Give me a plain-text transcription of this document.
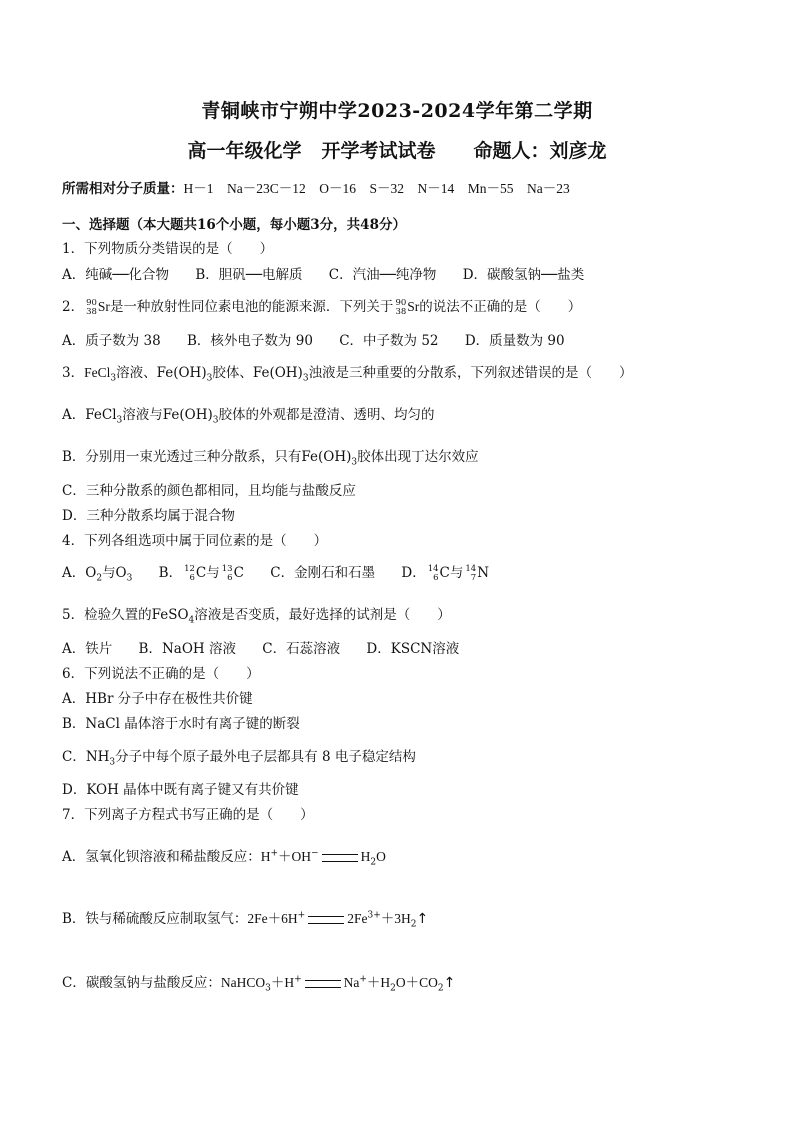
青铜峡市宁朔中学2023-2024学年第二学期
高一年级化学 开学考试试卷 命题人：刘彦龙
所需相对分子质量：H－1　Na－23C－12　O－16　S－32　N－14　Mn－55　Na－23
一、选择题（本大题共16个小题，每小题3分，共48分）
1．下列物质分类错误的是（　　）
A．纯碱──化合物 B．胆矾──电解质 C．汽油──纯净物 D．碳酸氢钠──盐类
2． 90
38 Sr是一种放射性同位素电池的能源来源．下列关于 90
38 Sr的说法不正确的是（　　）
A．质子数为 38 B．核外电子数为 90 C．中子数为 52 D．质量数为 90
3．FeCl$_3$溶液、$Fe(OH)_3$胶体、$Fe(OH)_3$浊液是三种重要的分散系，下列叙述错误的是（　　）
A．FeCl$_3$溶液与$Fe(OH)_3$胶体的外观都是澄清、透明、均匀的
B．分别用一束光透过三种分散系，只有$Fe(OH)_3$胶体出现丁达尔效应
C．三种分散系的颜色都相同，且均能与盐酸反应
D．三种分散系均属于混合物
4．下列各组选项中属于同位素的是（　　）
A．$O_2$与$O_3$ B． 12
6 C与 13
6 C C．金刚石和石墨 D． 14
6 C与 14
7 N
5．检验久置的FeSO$_4$溶液是否变质，最好选择的试剂是（　　）
A．铁片 B．NaOH 溶液 C．石蕊溶液 D．KSCN溶液
6．下列说法不正确的是（　　）
A．HBr 分子中存在极性共价键
B．NaCl 晶体溶于水时有离子键的断裂
C．$NH_3$分子中每个原子最外电子层都具有 8 电子稳定结构
D．KOH 晶体中既有离子键又有共价键
7．下列离子方程式书写正确的是（　　）
A．氢氧化钡溶液和稀盐酸反应：H+＋OH−	$H_2O$
B．铁与稀硫酸反应制取氢气：2Fe＋6H+	$2Fe^{3+}+3H_2↑$
C．碳酸氢钠与盐酸反应：NaHCO$_3$＋H+	$Na^++H_2O+CO_2↑$
